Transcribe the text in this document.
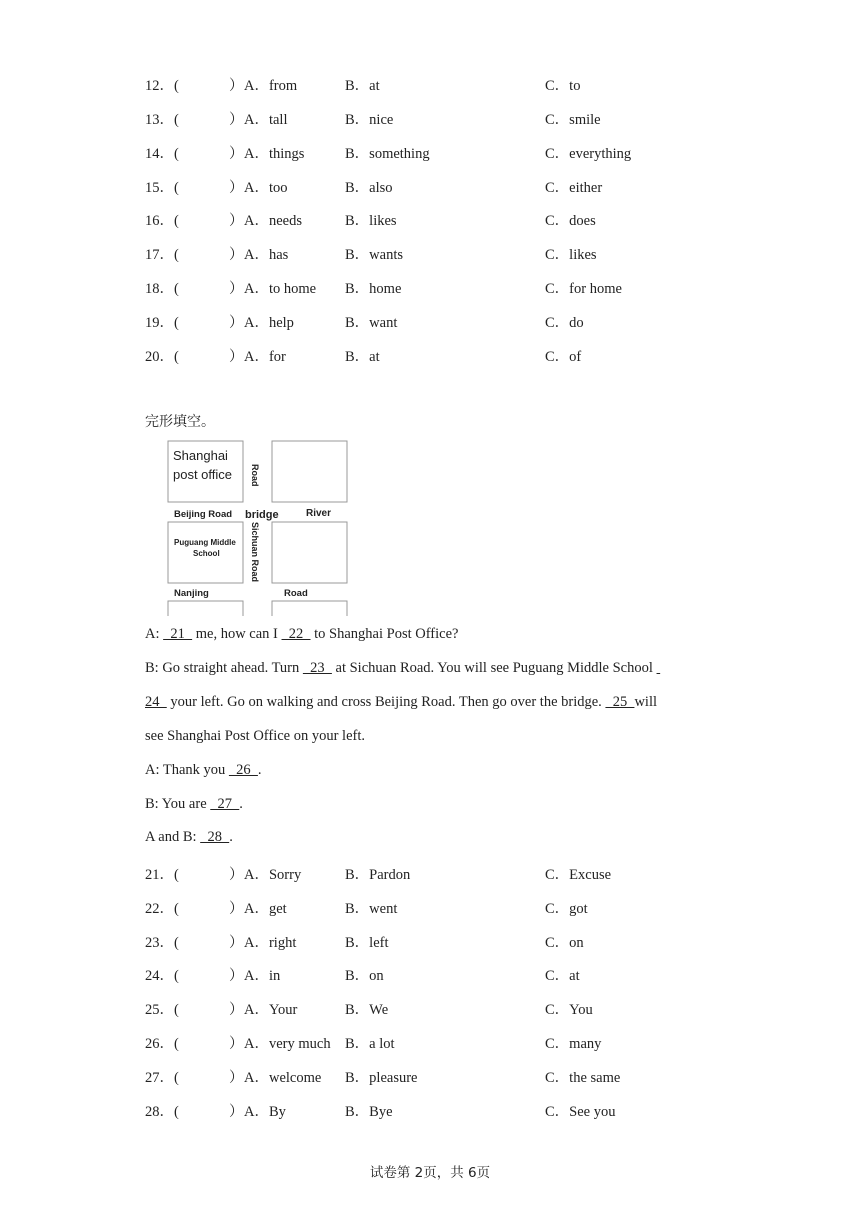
12．(	） A．from	B．at	C．to
13．(	） A．tall	B．nice	C．smile
14．(	） A．things	B．something	C．everything
15．(	） A．too	B．also	C．either
16．(	） A．needs	B．likes	C．does
17．(	） A．has	B．wants	C．likes
18．(	） A．to home B．home	C．for home
19．(	） A．help	B．want	C．do
20．(	） A．for	B．at	C．of
完形填空。
Shanghai
post office Road
Beijing Road bridge	River
Puguang Middle
School	Sichuan Road
Nanjing	Road
A:   21   me, how can I   22   to Shanghai Post Office?
B: Go straight ahead. Turn   23   at Sichuan Road. You will see Puguang Middle School
24   your left. Go on walking and cross Beijing Road. Then go over the bridge.   25  will
see Shanghai Post Office on your left.
A: Thank you   26  .
B: You are   27  .
A and B:   28  .
21．(	） A．Sorry	B．Pardon	C．Excuse
22．(	） A．get	B．went	C．got
23．(	） A．right	B．left	C．on
24．(	） A．in	B．on	C．at
25．(	） A．Your	B．We	C．You
26．(	） A．very much B．a lot	C．many
27．(	） A．welcome B．pleasure	C．the same
28．(	） A．By	B．Bye	C．See you
试卷第 2页，共 6页
